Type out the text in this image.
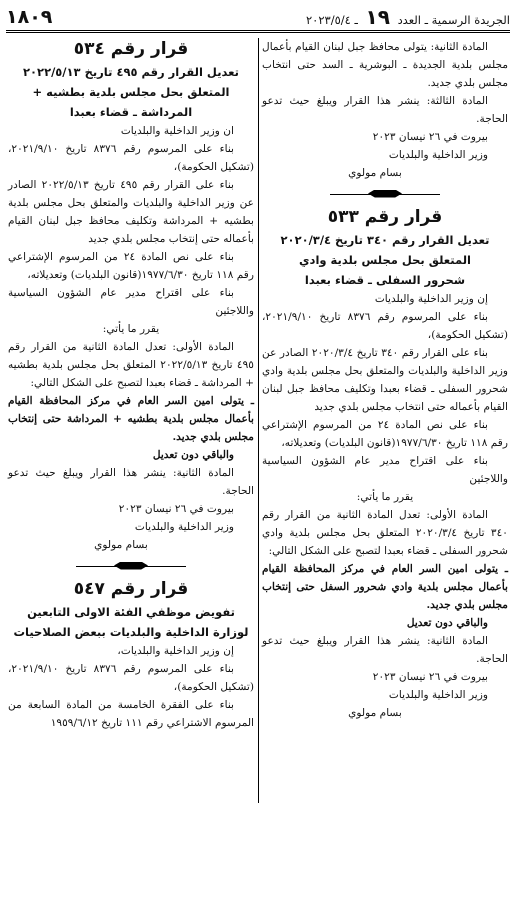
الجريدة الرسمية ـ العدد ١٩ ـ ٢٠٢٣/٥/٤
١٨٠٩

المادة الثانية: يتولى محافظ جبل لبنان القيام بأعمال مجلس بلدية الجديدة ـ البوشرية ـ السد حتى انتخاب مجلس بلدي جديد.

المادة الثالثة: ينشر هذا القرار ويبلغ حيث تدعو الحاجة.

بيروت في ٢٦ نيسان ٢٠٢٣

وزير الداخلية والبلديات

بسام مولوي

قرار رقم ٥٣٣
تعديل القرار رقم ٣٤٠ تاريخ ٢٠٢٠/٣/٤
المتعلق بحل مجلس بلدية وادي
شحرور السفلى ـ قضاء بعبدا

إن وزير الداخلية والبلديات

بناء على المرسوم رقم ٨٣٧٦ تاريخ ٢٠٢١/٩/١٠، (تشكيل الحكومة)،

بناء على القرار رقم ٣٤٠ تاريخ ٢٠٢٠/٣/٤ الصادر عن وزير الداخلية والبلديات والمتعلق بحل مجلس بلدية وادي شحرور السفلى ـ قضاء بعبدا وتكليف محافظ جبل لبنان القيام بأعماله حتى انتخاب مجلس بلدي جديد

بناء على نص المادة ٢٤ من المرسوم الإشتراعي رقم ١١٨ تاريخ ١٩٧٧/٦/٣٠(قانون البلديات) وتعديلاته،

بناء على اقتراح مدير عام الشؤون السياسية واللاجئين

يقرر ما يأتي:

المادة الأولى: تعدل المادة الثانية من القرار رقم ٣٤٠ تاريخ ٢٠٢٠/٣/٤ المتعلق بحل مجلس بلدية وادي شحرور السفلى ـ قضاء بعبدا لتصبح على الشكل التالي:

ـ يتولى امين السر العام في مركز المحافظة القيام بأعمال مجلس بلدية وادي شحرور السفل حتى إنتخاب مجلس بلدي جديد.

والباقي دون تعديل

المادة الثانية: ينشر هذا القرار ويبلغ حيث تدعو الحاجة.

بيروت في ٢٦ نيسان ٢٠٢٣

وزير الداخلية والبلديات

بسام مولوي

قرار رقم ٥٣٤
تعديل القرار رقم ٤٩٥ تاريخ ٢٠٢٢/٥/١٣
المتعلق بحل مجلس بلدية بطشيه +
المرداشة ـ قضاء بعبدا

ان وزير الداخلية والبلديات

بناء على المرسوم رقم ٨٣٧٦ تاريخ ٢٠٢١/٩/١٠، (تشكيل الحكومة)،

بناء على القرار رقم ٤٩٥ تاريخ ٢٠٢٢/٥/١٣ الصادر عن وزير الداخلية والبلديات والمتعلق بحل مجلس بلدية بطشيه + المرداشة وتكليف محافظ جبل لبنان القيام بأعماله حتى إنتخاب مجلس بلدي جديد

بناء على نص المادة ٢٤ من المرسوم الإشتراعي رقم ١١٨ تاريخ ١٩٧٧/٦/٣٠(قانون البلديات) وتعديلاته،

بناء على اقتراح مدير عام الشؤون السياسية واللاجئين

يقرر ما يأتي:

المادة الأولى: تعدل المادة الثانية من القرار رقم ٤٩٥ تاريخ ٢٠٢٢/٥/١٣ المتعلق بحل مجلس بلدية بطشيه + المرداشة ـ قضاء بعبدا لتصبح على الشكل التالي:

ـ يتولى امين السر العام في مركز المحافظة القيام بأعمال مجلس بلدية بطشيه + المرداشة حتى إنتخاب مجلس بلدي جديد.

والباقي دون تعديل

المادة الثانية: ينشر هذا القرار ويبلغ حيث تدعو الحاجة.

بيروت في ٢٦ نيسان ٢٠٢٣

وزير الداخلية والبلديات

بسام مولوي

قرار رقم ٥٤٧
تفويض موظفي الفئة الاولى التابعين
لوزارة الداخلية والبلديات ببعض الصلاحيات

إن وزير الداخلية والبلديات،

بناء على المرسوم رقم ٨٣٧٦ تاريخ ٢٠٢١/٩/١٠، (تشكيل الحكومة)،

بناء على الفقرة الخامسة من المادة السابعة من المرسوم الاشتراعي رقم ١١١ تاريخ ١٩٥٩/٦/١٢
